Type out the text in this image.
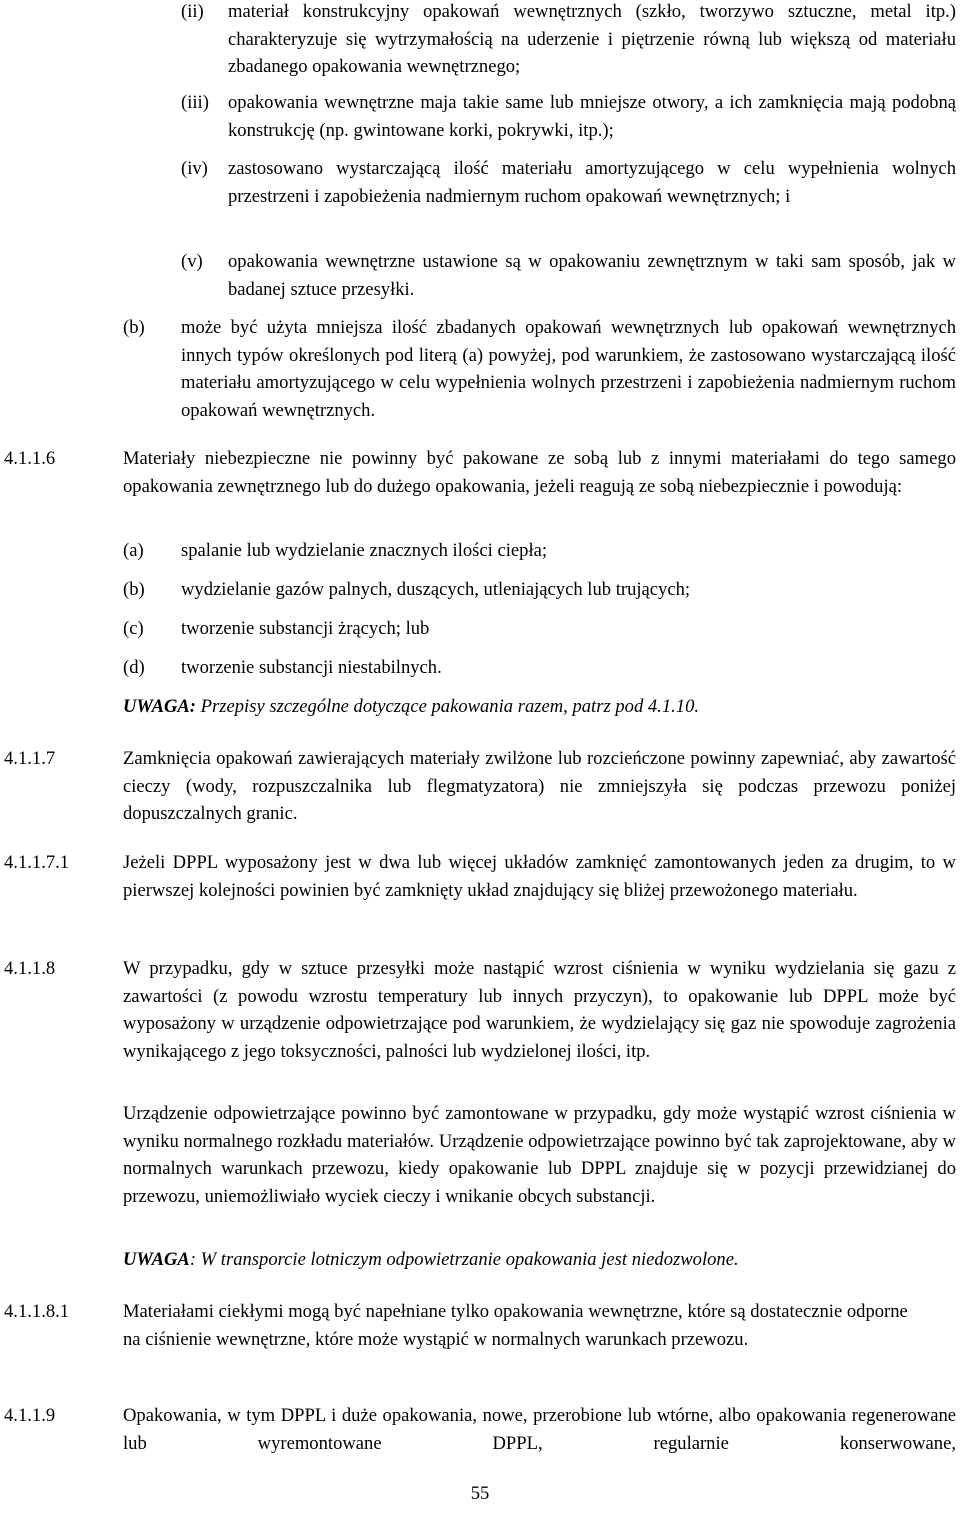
(ii) materiał konstrukcyjny opakowań wewnętrznych (szkło, tworzywo sztuczne, metal itp.) charakteryzuje się wytrzymałością na uderzenie i piętrzenie równą lub większą od materiału zbadanego opakowania wewnętrznego;

(iii) opakowania wewnętrzne maja takie same lub mniejsze otwory, a ich zamknięcia mają podobną konstrukcję (np. gwintowane korki, pokrywki, itp.);

(iv) zastosowano wystarczającą ilość materiału amortyzującego w celu wypełnienia wolnych przestrzeni i zapobieżenia nadmiernym ruchom opakowań wewnętrznych; i

(v) opakowania wewnętrzne ustawione są w opakowaniu zewnętrznym w taki sam sposób, jak w badanej sztuce przesyłki.

(b) może być użyta mniejsza ilość zbadanych opakowań wewnętrznych lub opakowań wewnętrznych innych typów określonych pod literą (a) powyżej, pod warunkiem, że zastosowano wystarczającą ilość materiału amortyzującego w celu wypełnienia wolnych przestrzeni i zapobieżenia nadmiernym ruchom opakowań wewnętrznych.

4.1.1.6	Materiały niebezpieczne nie powinny być pakowane ze sobą lub z innymi materiałami do tego samego opakowania zewnętrznego lub do dużego opakowania, jeżeli reagują ze sobą niebezpiecznie i powodują:

(a) spalanie lub wydzielanie znacznych ilości ciepła;

(b) wydzielanie gazów palnych, duszących, utleniających lub trujących;

(c) tworzenie substancji żrących; lub

(d) tworzenie substancji niestabilnych.

UWAGA: Przepisy szczególne dotyczące pakowania razem, patrz pod 4.1.10.

4.1.1.7	Zamknięcia opakowań zawierających materiały zwilżone lub rozcieńczone powinny zapewniać, aby zawartość cieczy (wody, rozpuszczalnika lub flegmatyzatora) nie zmniejszyła się podczas przewozu poniżej dopuszczalnych granic.

4.1.1.7.1	Jeżeli DPPL wyposażony jest w dwa lub więcej układów zamknięć zamontowanych jeden za drugim, to w pierwszej kolejności powinien być zamknięty układ znajdujący się bliżej przewożonego materiału.

4.1.1.8	W przypadku, gdy w sztuce przesyłki może nastąpić wzrost ciśnienia w wyniku wydzielania się gazu z zawartości (z powodu wzrostu temperatury lub innych przyczyn), to opakowanie lub DPPL może być wyposażony w urządzenie odpowietrzające pod warunkiem, że wydzielający się gaz nie spowoduje zagrożenia wynikającego z jego toksyczności, palności lub wydzielonej ilości, itp.

Urządzenie odpowietrzające powinno być zamontowane w przypadku, gdy może wystąpić wzrost ciśnienia w wyniku normalnego rozkładu materiałów. Urządzenie odpowietrzające powinno być tak zaprojektowane, aby w normalnych warunkach przewozu, kiedy opakowanie lub DPPL znajduje się w pozycji przewidzianej do przewozu, uniemożliwiało wyciek cieczy i wnikanie obcych substancji.

UWAGA: W transporcie lotniczym odpowietrzanie opakowania jest niedozwolone.

4.1.1.8.1	Materiałami ciekłymi mogą być napełniane tylko opakowania wewnętrzne, które są dostatecznie odporne na ciśnienie wewnętrzne, które może wystąpić w normalnych warunkach przewozu.

4.1.1.9	Opakowania, w tym DPPL i duże opakowania, nowe, przerobione lub wtórne, albo opakowania regenerowane lub wyremontowane DPPL, regularnie konserwowane,

55
